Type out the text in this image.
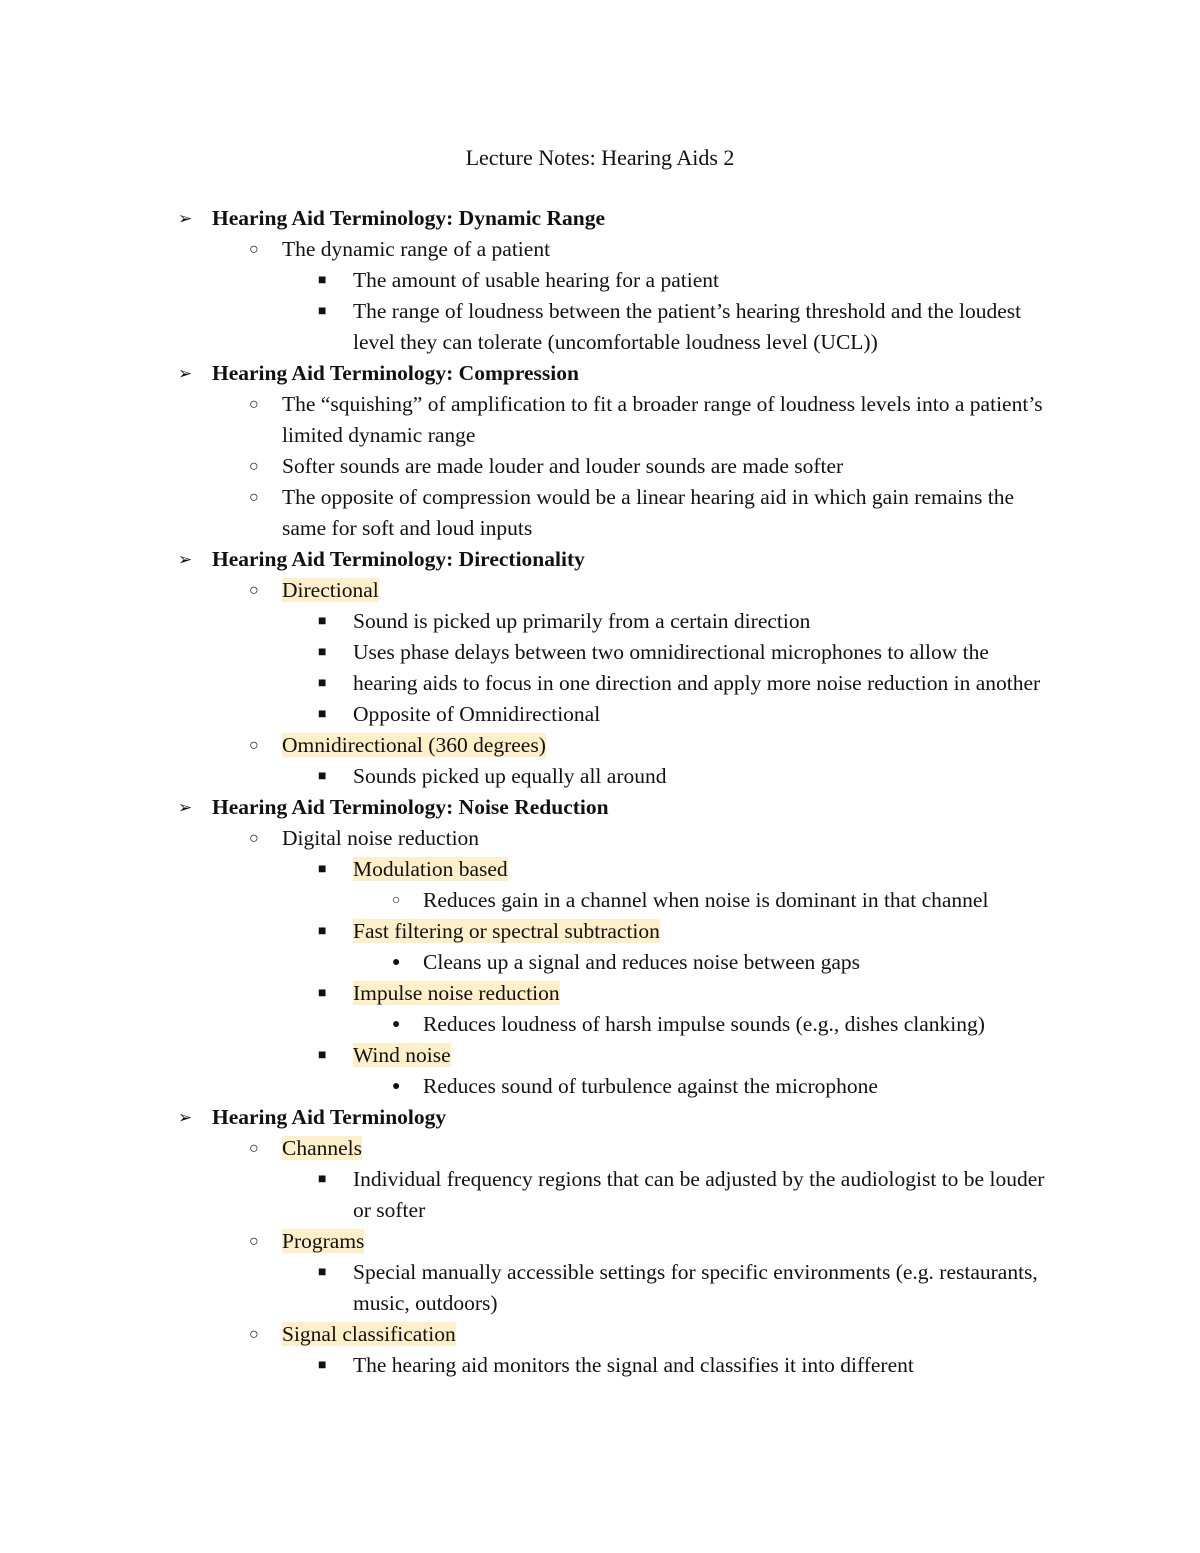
Lecture Notes: Hearing Aids 2
➢ Hearing Aid Terminology: Dynamic Range
○ The dynamic range of a patient
■ The amount of usable hearing for a patient
■ The range of loudness between the patient’s hearing threshold and the loudest level they can tolerate (uncomfortable loudness level (UCL))
➢ Hearing Aid Terminology: Compression
○ The “squishing” of amplification to fit a broader range of loudness levels into a patient’s limited dynamic range
○ Softer sounds are made louder and louder sounds are made softer
○ The opposite of compression would be a linear hearing aid in which gain remains the same for soft and loud inputs
➢ Hearing Aid Terminology: Directionality
○ Directional
■ Sound is picked up primarily from a certain direction
■ Uses phase delays between two omnidirectional microphones to allow the
■ hearing aids to focus in one direction and apply more noise reduction in another
■ Opposite of Omnidirectional
○ Omnidirectional (360 degrees)
■ Sounds picked up equally all around
➢ Hearing Aid Terminology: Noise Reduction
○ Digital noise reduction
■ Modulation based
○ Reduces gain in a channel when noise is dominant in that channel
■ Fast filtering or spectral subtraction
● Cleans up a signal and reduces noise between gaps
■ Impulse noise reduction
● Reduces loudness of harsh impulse sounds (e.g., dishes clanking)
■ Wind noise
● Reduces sound of turbulence against the microphone
➢ Hearing Aid Terminology
○ Channels
■ Individual frequency regions that can be adjusted by the audiologist to be louder or softer
○ Programs
■ Special manually accessible settings for specific environments (e.g. restaurants, music, outdoors)
○ Signal classification
■ The hearing aid monitors the signal and classifies it into different
